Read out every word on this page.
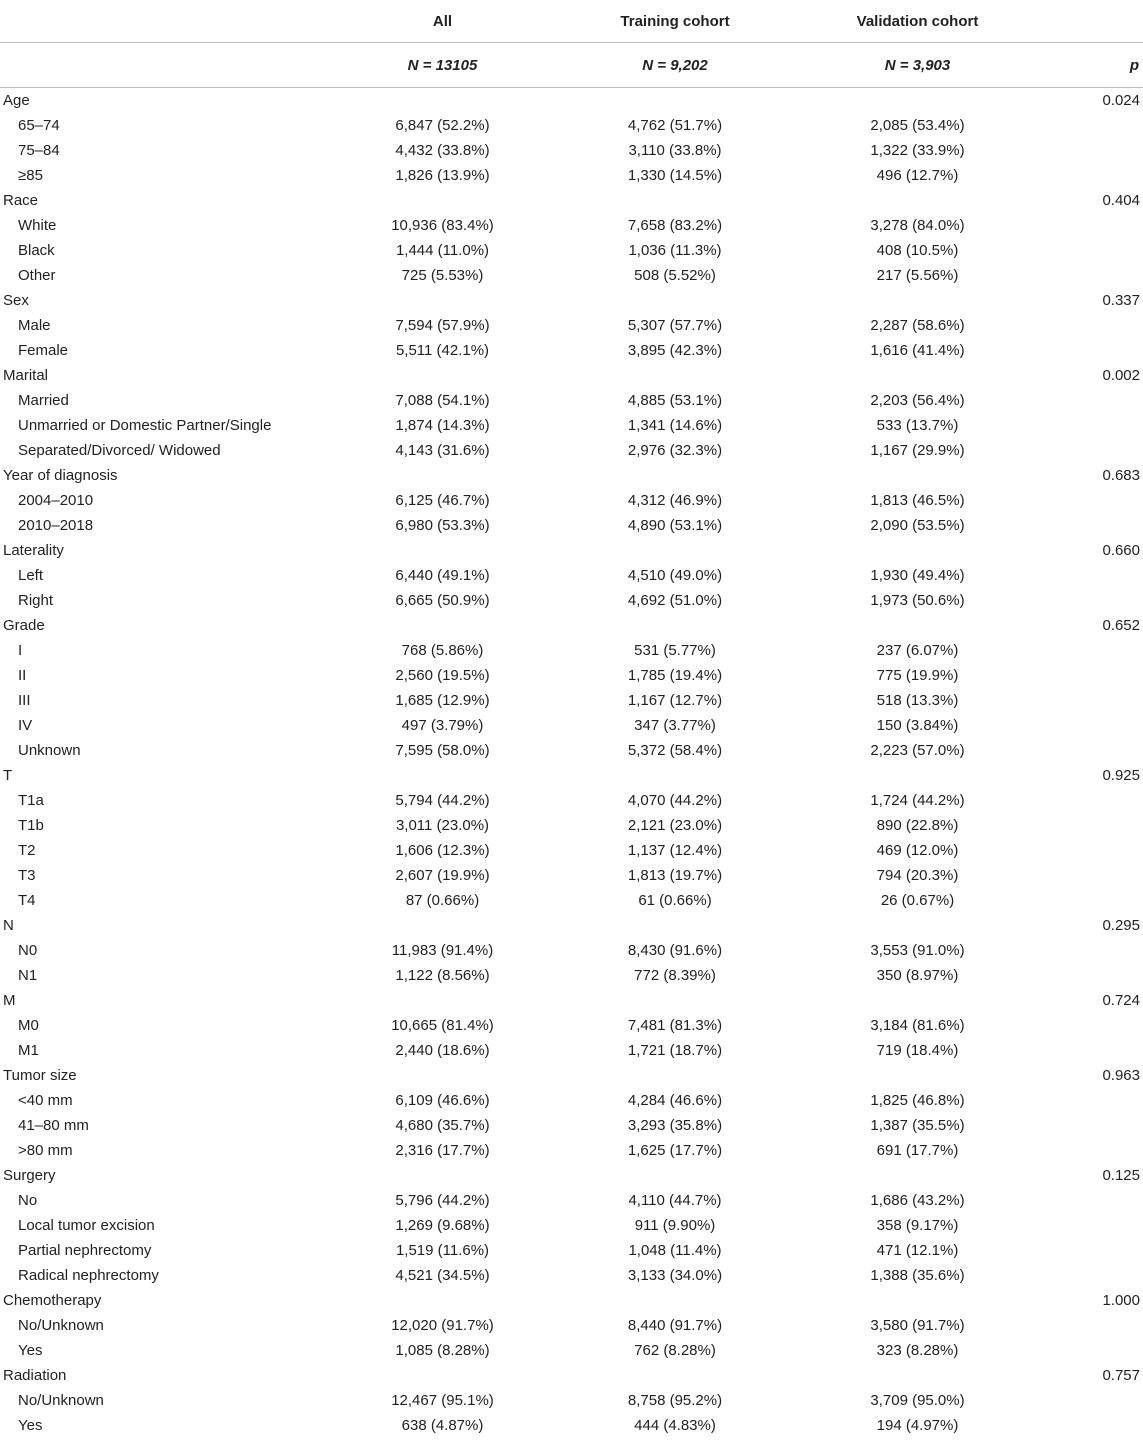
	All	Training cohort	Validation cohort	
	N = 13105	N = 9,202	N = 3,903	p
Age				0.024
65–74	6,847 (52.2%)	4,762 (51.7%)	2,085 (53.4%)	
75–84	4,432 (33.8%)	3,110 (33.8%)	1,322 (33.9%)	
≥85	1,826 (13.9%)	1,330 (14.5%)	496 (12.7%)	
Race				0.404
White	10,936 (83.4%)	7,658 (83.2%)	3,278 (84.0%)	
Black	1,444 (11.0%)	1,036 (11.3%)	408 (10.5%)	
Other	725 (5.53%)	508 (5.52%)	217 (5.56%)	
Sex				0.337
Male	7,594 (57.9%)	5,307 (57.7%)	2,287 (58.6%)	
Female	5,511 (42.1%)	3,895 (42.3%)	1,616 (41.4%)	
Marital				0.002
Married	7,088 (54.1%)	4,885 (53.1%)	2,203 (56.4%)	
Unmarried or Domestic Partner/Single	1,874 (14.3%)	1,341 (14.6%)	533 (13.7%)	
Separated/Divorced/ Widowed	4,143 (31.6%)	2,976 (32.3%)	1,167 (29.9%)	
Year of diagnosis				0.683
2004–2010	6,125 (46.7%)	4,312 (46.9%)	1,813 (46.5%)	
2010–2018	6,980 (53.3%)	4,890 (53.1%)	2,090 (53.5%)	
Laterality				0.660
Left	6,440 (49.1%)	4,510 (49.0%)	1,930 (49.4%)	
Right	6,665 (50.9%)	4,692 (51.0%)	1,973 (50.6%)	
Grade				0.652
I	768 (5.86%)	531 (5.77%)	237 (6.07%)	
II	2,560 (19.5%)	1,785 (19.4%)	775 (19.9%)	
III	1,685 (12.9%)	1,167 (12.7%)	518 (13.3%)	
IV	497 (3.79%)	347 (3.77%)	150 (3.84%)	
Unknown	7,595 (58.0%)	5,372 (58.4%)	2,223 (57.0%)	
T				0.925
T1a	5,794 (44.2%)	4,070 (44.2%)	1,724 (44.2%)	
T1b	3,011 (23.0%)	2,121 (23.0%)	890 (22.8%)	
T2	1,606 (12.3%)	1,137 (12.4%)	469 (12.0%)	
T3	2,607 (19.9%)	1,813 (19.7%)	794 (20.3%)	
T4	87 (0.66%)	61 (0.66%)	26 (0.67%)	
N				0.295
N0	11,983 (91.4%)	8,430 (91.6%)	3,553 (91.0%)	
N1	1,122 (8.56%)	772 (8.39%)	350 (8.97%)	
M				0.724
M0	10,665 (81.4%)	7,481 (81.3%)	3,184 (81.6%)	
M1	2,440 (18.6%)	1,721 (18.7%)	719 (18.4%)	
Tumor size				0.963
<40 mm	6,109 (46.6%)	4,284 (46.6%)	1,825 (46.8%)	
41–80 mm	4,680 (35.7%)	3,293 (35.8%)	1,387 (35.5%)	
>80 mm	2,316 (17.7%)	1,625 (17.7%)	691 (17.7%)	
Surgery				0.125
No	5,796 (44.2%)	4,110 (44.7%)	1,686 (43.2%)	
Local tumor excision	1,269 (9.68%)	911 (9.90%)	358 (9.17%)	
Partial nephrectomy	1,519 (11.6%)	1,048 (11.4%)	471 (12.1%)	
Radical nephrectomy	4,521 (34.5%)	3,133 (34.0%)	1,388 (35.6%)	
Chemotherapy				1.000
No/Unknown	12,020 (91.7%)	8,440 (91.7%)	3,580 (91.7%)	
Yes	1,085 (8.28%)	762 (8.28%)	323 (8.28%)	
Radiation				0.757
No/Unknown	12,467 (95.1%)	8,758 (95.2%)	3,709 (95.0%)	
Yes	638 (4.87%)	444 (4.83%)	194 (4.97%)	
